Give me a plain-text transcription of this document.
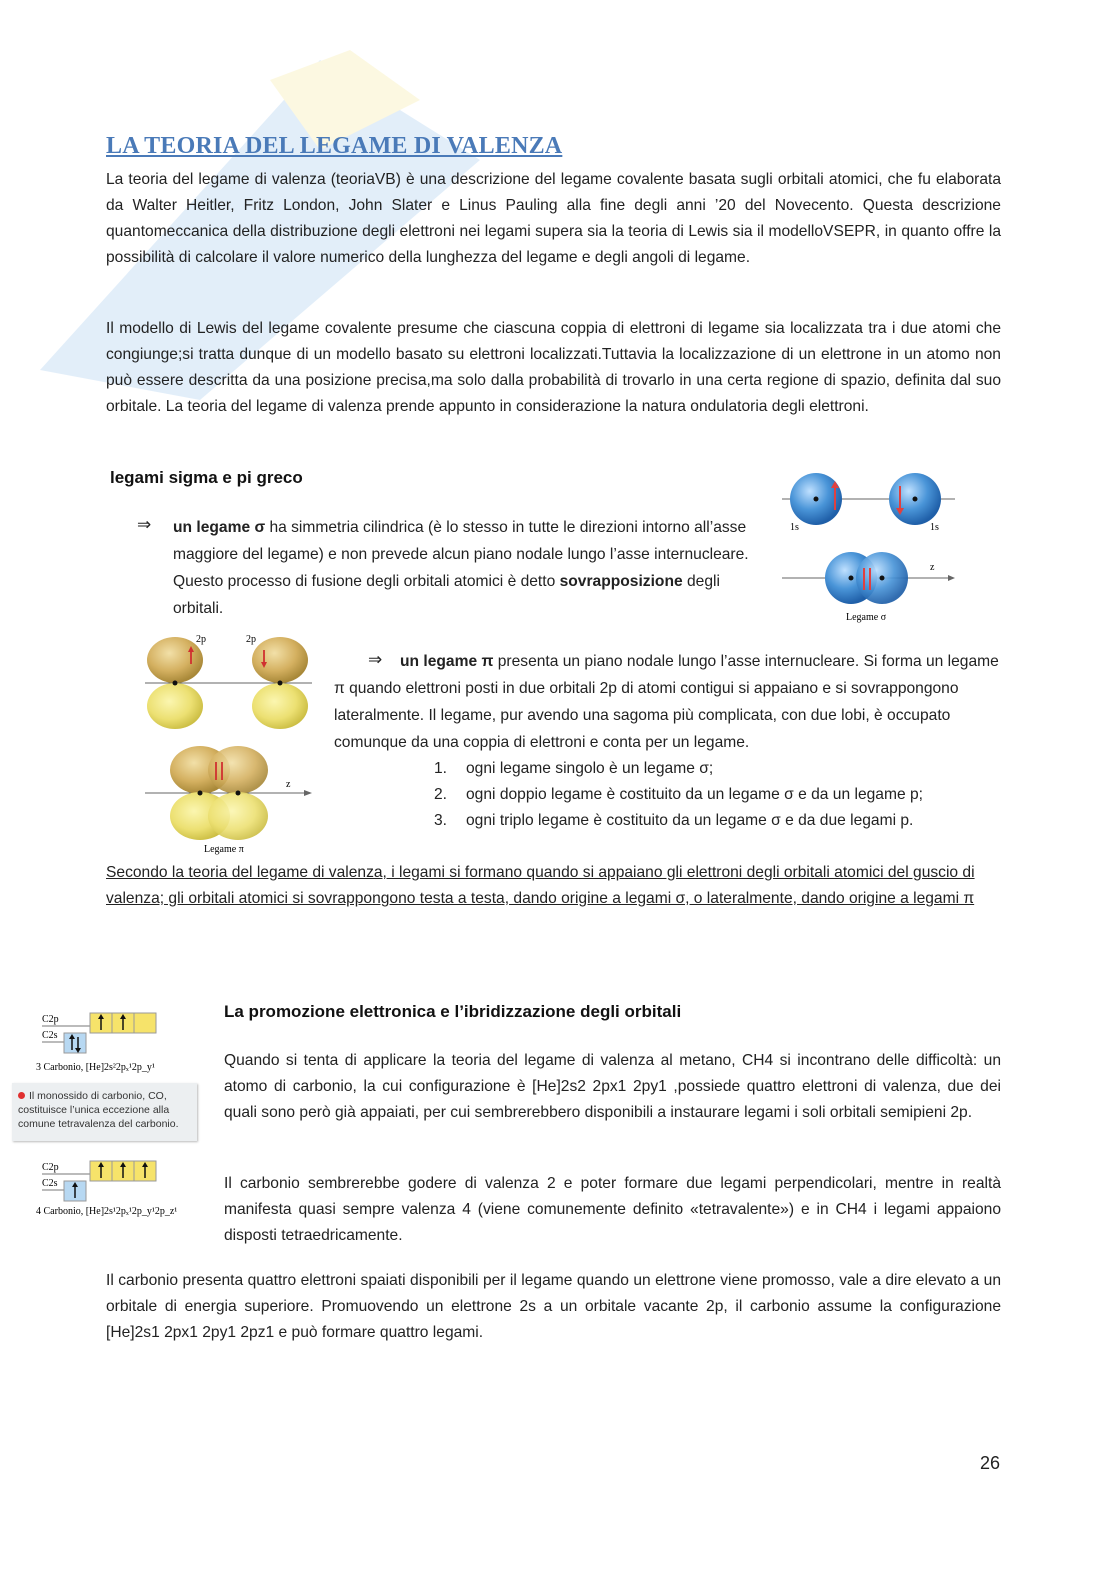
LA TEORIA DEL LEGAME DI VALENZA

La teoria del legame di valenza (teoriaVB) è una descrizione del legame covalente basata sugli orbitali atomici, che fu elaborata da Walter Heitler, Fritz London, John Slater e Linus Pauling alla fine degli anni ’20 del Novecento. Questa descrizione quantomeccanica della distribuzione degli elettroni nei legami supera sia la teoria di Lewis sia il modelloVSEPR, in quanto offre la possibilità di calcolare il valore numerico della lunghezza del legame e degli angoli di legame.

Il modello di Lewis del legame covalente presume che ciascuna coppia di elettroni di legame sia localizzata tra i due atomi che congiunge;si tratta dunque di un modello basato su elettroni localizzati.Tuttavia la localizzazione di un elettrone in un atomo non può essere descritta da una posizione precisa,ma solo dalla probabilità di trovarlo in una certa regione di spazio, definita dal suo orbitale. La teoria del legame di valenza prende appunto in considerazione la natura ondulatoria degli elettroni.

legami sigma e pi greco
⇒ un legame σ ha simmetria cilindrica (è lo stesso in tutte le direzioni intorno all’asse maggiore del legame) e non prevede alcun piano nodale lungo l’asse internucleare. Questo processo di fusione degli orbitali atomici è detto sovrapposizione degli orbitali.

1s	1s
z
Legame σ
2p	2p
z
Legame π
⇒	un legame π presenta un piano nodale lungo l’asse internucleare. Si forma un legame π quando elettroni posti in due orbitali 2p di atomi contigui si appaiano e si sovrappongono lateralmente. Il legame, pur avendo una sagoma più complicata, con due lobi, è occupato comunque da una coppia di elettroni e conta per un legame.

1.	ogni legame singolo è un legame σ;
2.	ogni doppio legame è costituito da un legame σ e da un legame p;
3.	ogni triplo legame è costituito da un legame σ e da due legami p.

Secondo la teoria del legame di valenza, i legami si formano quando si appaiano gli elettroni degli orbitali atomici del guscio di valenza; gli orbitali atomici si sovrappongono testa a testa, dando origine a legami σ, o lateralmente, dando origine a legami π

C2p
C2s
3 Carbonio, [He]2s²2pₓ¹2p_y¹
Il monossido di carbonio, CO, costituisce l’unica eccezione alla comune tetravalenza del carbonio.
C2p
C2s
4 Carbonio, [He]2s¹2pₓ¹2p_y¹2p_z¹
La promozione elettronica e l’ibridizzazione degli orbitali

Quando si tenta di applicare la teoria del legame di valenza al metano, CH4 si incontrano delle difficoltà: un atomo di carbonio, la cui configurazione è [He]2s2 2px1 2py1 ,possiede quattro elettroni di valenza, due dei quali sono però già appaiati, per cui sembrerebbero disponibili a instaurare legami i soli orbitali semipieni 2p.

Il carbonio sembrerebbe godere di valenza 2 e poter formare due legami perpendicolari, mentre in realtà manifesta quasi sempre valenza 4 (viene comunemente definito «tetravalente») e in CH4 i legami appaiono disposti tetraedricamente.

Il carbonio presenta quattro elettroni spaiati disponibili per il legame quando un elettrone viene promosso, vale a dire elevato a un orbitale di energia superiore. Promuovendo un elettrone 2s a un orbitale vacante 2p, il carbonio assume la configurazione [He]2s1 2px1 2py1 2pz1 e può formare quattro legami.

26
